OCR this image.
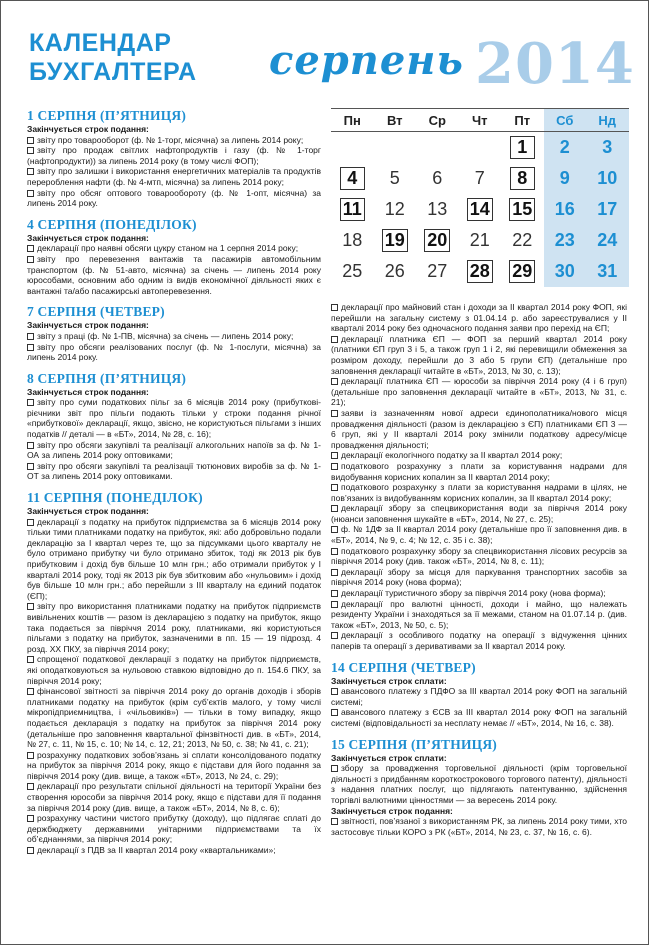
КАЛЕНДАР
БУХГАЛТЕРА серпень 2014
Пн	Вт	Ср	Чт	Пт	Сб	Нд
				1	2	3
4	5	6	7	8	9	10
11	12	13	14	15	16	17
18	19	20	21	22	23	24
25	26	27	28	29	30	31
1 СЕРПНЯ (П’ЯТНИЦЯ)
Закінчується строк подання:
звіту про товарооборот (ф. № 1-торг, місячна) за липень 2014 року;
звіту про продаж світлих нафтопродуктів і газу (ф. № 1-торг (нафтопродукти)) за липень 2014 року (в тому числі ФОП);
звіту про залишки і використання енергетичних матеріалів та продуктів перероблення нафти (ф. № 4-мтп, місячна) за липень 2014 року;
звіту про обсяг оптового товарообороту (ф. № 1-опт, місячна) за липень 2014 року.
4 СЕРПНЯ (ПОНЕДІЛОК)
Закінчується строк подання:
декларації про наявні обсяги цукру станом на 1 серпня 2014 року;
звіту про перевезення вантажів та пасажирів автомобільним транспортом (ф. № 51-авто, місячна) за січень — липень 2014 року юрособами, основним або одним із видів економічної діяльності яких є вантажні та/або пасажирські автоперевезення.
7 СЕРПНЯ (ЧЕТВЕР)
Закінчується строк подання:
звіту з праці (ф. № 1-ПВ, місячна) за січень — липень 2014 року;
звіту про обсяги реалізованих послуг (ф. № 1-послуги, місячна) за липень 2014 року.
8 СЕРПНЯ (П’ЯТНИЦЯ)
Закінчується строк подання:
звіту про суми податкових пільг за 6 місяців 2014 року (прибуткові-рієчники звіт про пільги подають тільки у строки подання річної «прибуткової» декларації, якщо, звісно, не користуються пільгами з інших податків // деталі — в «БТ», 2014, № 28, с. 16);
звіту про обсяги закупівлі та реалізації алкогольних напоїв за ф. № 1-ОА за липень 2014 року оптовиками;
звіту про обсяги закупівлі та реалізації тютюнових виробів за ф. № 1-ОТ за липень 2014 року оптовиками.
11 СЕРПНЯ (ПОНЕДІЛОК)
Закінчується строк подання:
декларації з податку на прибуток підприємства за 6 місяців 2014 року тільки тими платниками податку на прибуток, які: або добровільно подали декларацію за I квартал через те, що за підсумками цього кварталу не було отримано прибутку чи було отримано збиток, тоді як 2013 рік був прибутковим і дохід був більше 10 млн грн.; або отримали прибуток у I кварталі 2014 року, тоді як 2013 рік був збитковим або «нульовим» і дохід був більше 10 млн грн.; або перейшли з III кварталу на єдиний податок (ЄП);
звіту про використання платниками податку на прибуток підприємств вивільнених коштів — разом із декларацією з податку на прибуток, якщо така подається за півріччя 2014 року, платниками, які користуються пільгами з податку на прибуток, зазначеними в пп. 15 — 19 підрозд. 4 розд. XX ПКУ, за півріччя 2014 року;
спрощеної податкової декларації з податку на прибуток підприємств, які оподатковуються за нульовою ставкою відповідно до п. 154.6 ПКУ, за півріччя 2014 року;
фінансової звітності за півріччя 2014 року до органів доходів і зборів платниками податку на прибуток (крім суб’єктів малого, у тому числі мікропідприємництва, і «чільовиків») — тільки в тому випадку, якщо подається декларація з податку на прибуток за півріччя 2014 року (детальніше про заповнення квартальної фінзвітності див. в «БТ», 2014, № 27, с. 11, № 15, с. 10; № 14, с. 12, 21; 2013, № 50, с. 38; № 41, с. 21);
розрахунку податкових зобов’язань зі сплати консолідованого податку на прибуток за півріччя 2014 року, якщо є підстави для його подання за півріччя 2014 року (див. вище, а також «БТ», 2013, № 24, с. 29);
декларації про результати спільної діяльності на території України без створення юрособи за півріччя 2014 року, якщо є підстави для її подання за півріччя 2014 року (див. вище, а також «БТ», 2014, № 8, с. 6);
розрахунку частини чистого прибутку (доходу), що підлягає сплаті до держбюджету державними унітарними підприємствами та їх об’єднаннями, за півріччя 2014 року;
декларації з ПДВ за II квартал 2014 року «квартальниками»;
декларації про майновий стан і доходи за II квартал 2014 року ФОП, які перейшли на загальну систему з 01.04.14 р. або зареєструвалися у II кварталі 2014 року без одночасного подання заяви про перехід на ЄП;
декларації платника ЄП — ФОП за перший квартал 2014 року (платники ЄП груп 3 і 5, а також груп 1 і 2, які перевищили обмеження за розміром доходу, перейшли до 3 або 5 групи ЄП) (детальніше про заповнення декларації читайте в «БТ», 2013, № 30, с. 13);
декларації платника ЄП — юрособи за півріччя 2014 року (4 і 6 груп) (детальніше про заповнення декларації читайте в «БТ», 2013, № 31, с. 21);
заяви із зазначенням нової адреси єдинополатника/нового місця провадження діяльності (разом із декларацією з ЄП) платниками ЄП 3 — 6 груп, які у II кварталі 2014 року змінили податкову адресу/місце провадження діяльності;
декларації екологічного податку за II квартал 2014 року;
податкового розрахунку з плати за користування надрами для видобування корисних копалин за II квартал 2014 року;
податкового розрахунку з плати за користування надрами в цілях, не пов’язаних із видобуванням корисних копалин, за II квартал 2014 року;
декларації збору за спецвикористання води за півріччя 2014 року (нюанси заповнення шукайте в «БТ», 2014, № 27, с. 25);
ф. № 1ДФ за II квартал 2014 року (детальніше про її заповнення див. в «БТ», 2014, № 9, с. 4; № 12, с. 35 і с. 38);
податкового розрахунку збору за спецвикористання лісових ресурсів за півріччя 2014 року (див. також «БТ», 2014, № 8, с. 11);
декларації збору за місця для паркування транспортних засобів за півріччя 2014 року (нова форма);
декларації туристичного збору за півріччя 2014 року (нова форма);
декларації про валютні цінності, доходи і майно, що належать резиденту України і знаходяться за її межами, станом на 01.07.14 р. (див. також «БТ», 2013, № 50, с. 5);
декларації з особливого податку на операції з відчуження цінних паперів та операції з деривативами за II квартал 2014 року.
14 СЕРПНЯ (ЧЕТВЕР)
Закінчується строк сплати:
авансового платежу з ПДФО за III квартал 2014 року ФОП на загальній системі;
авансового платежу з ЄСВ за III квартал 2014 року ФОП на загальній системі (відповідальності за несплату немає // «БТ», 2014, № 16, с. 38).
15 СЕРПНЯ (П’ЯТНИЦЯ)
Закінчується строк сплати:
збору за провадження торговельної діяльності (крім торговельної діяльності з придбанням короткострокового торгового патенту), діяльності з надання платних послуг, що підлягають патентуванню, здійснення торгівлі валютними цінностями — за вересень 2014 року.
Закінчується строк подання:
звітності, пов’язаної з використанням РК, за липень 2014 року тими, хто застосовує тільки КОРО з РК («БТ», 2014, № 23, с. 37, № 16, с. 6).
